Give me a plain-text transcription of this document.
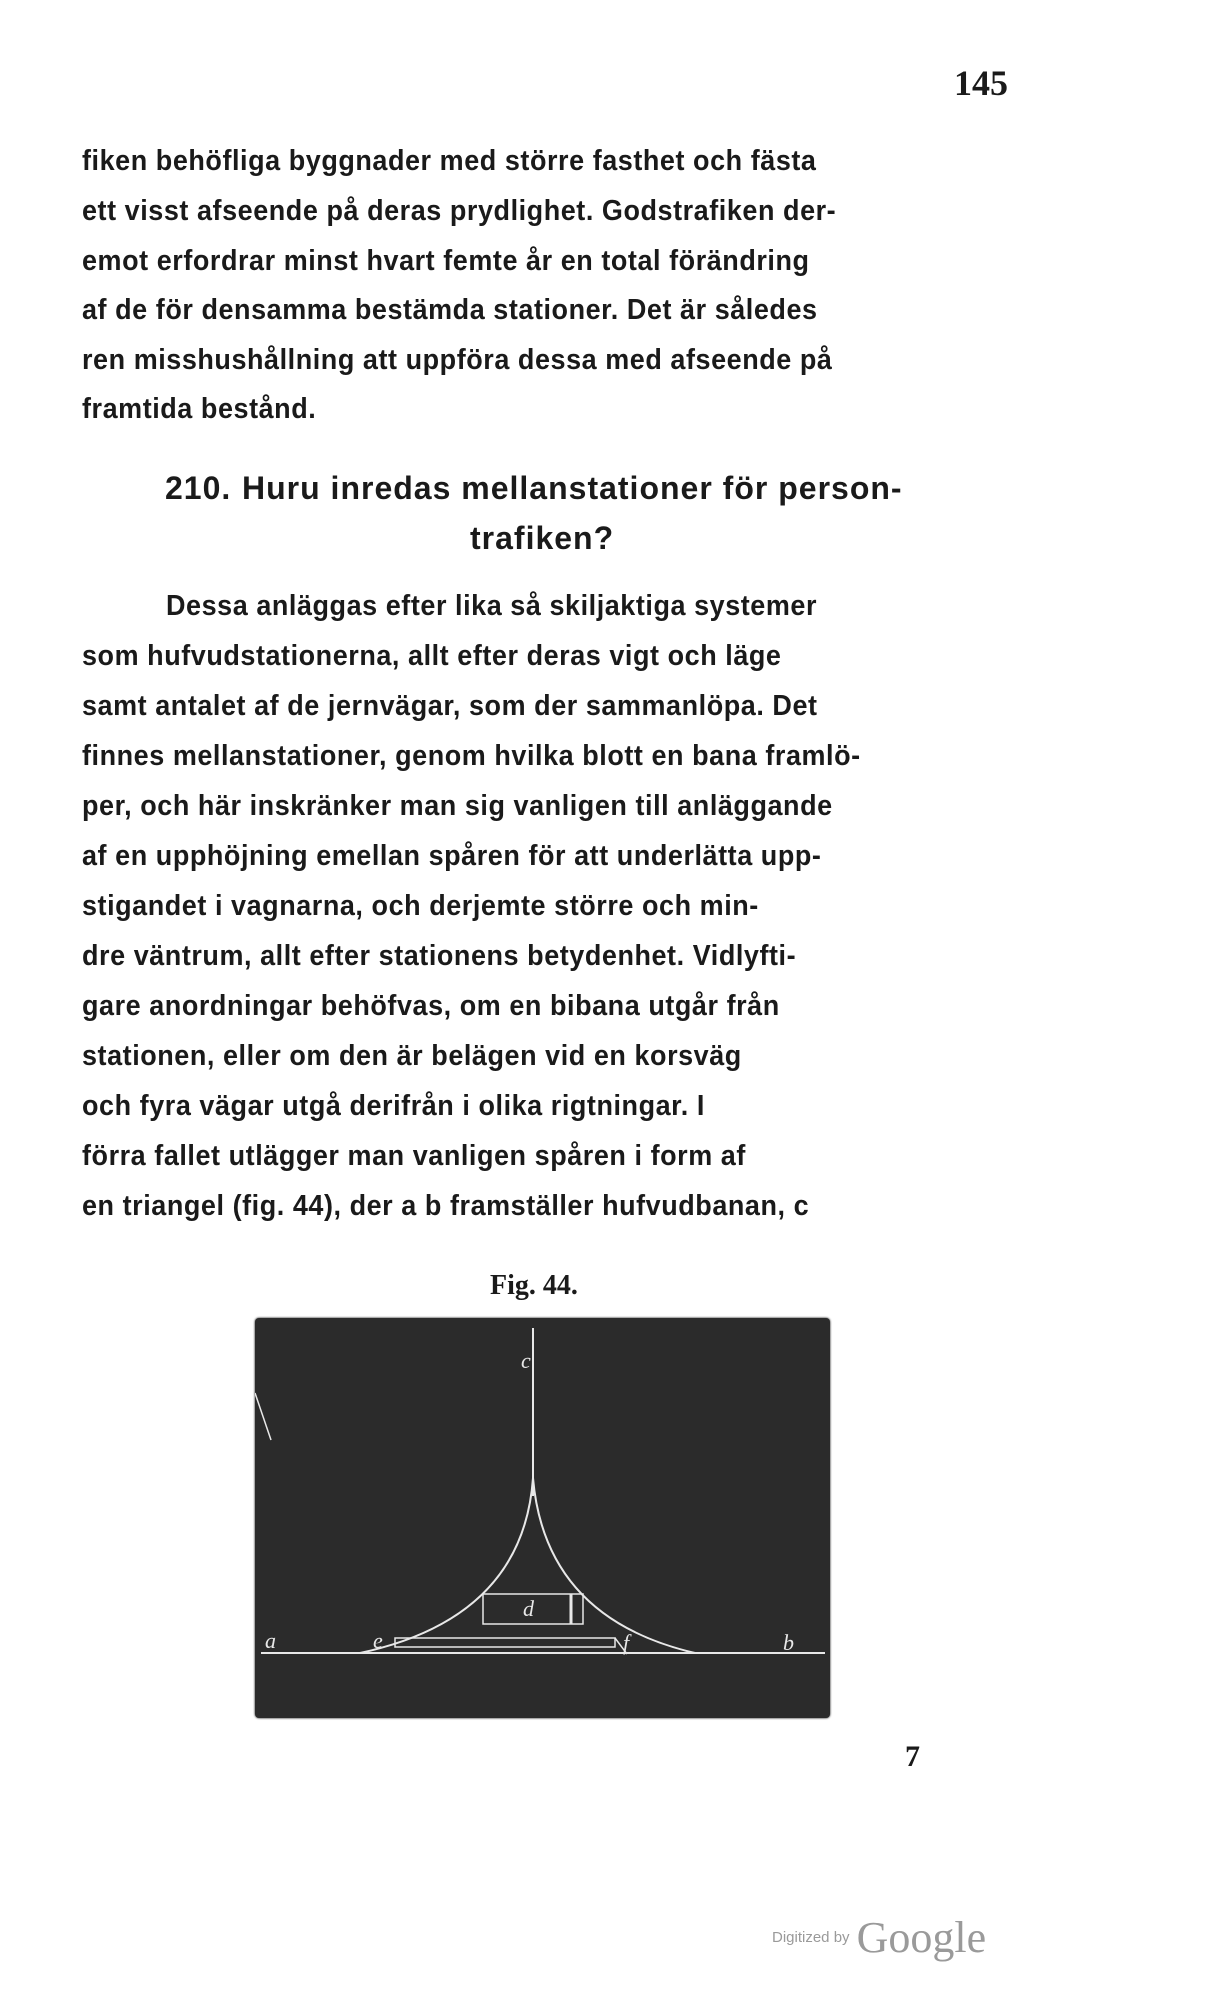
145
fiken behöfliga byggnader med större fasthet och fästa
ett visst afseende på deras prydlighet. Godstrafiken der-
emot erfordrar minst hvart femte år en total förändring
af de för densamma bestämda stationer. Det är således
ren misshushållning att uppföra dessa med afseende på
framtida bestånd.
210. Huru inredas mellanstationer för person-
trafiken?
Dessa anläggas efter lika så skiljaktiga systemer
som hufvudstationerna, allt efter deras vigt och läge
samt antalet af de jernvägar, som der sammanlöpa. Det
finnes mellanstationer, genom hvilka blott en bana framlö-
per, och här inskränker man sig vanligen till anläggande
af en upphöjning emellan spåren för att underlätta upp-
stigandet i vagnarna, och derjemte större och min-
dre väntrum, allt efter stationens betydenhet. Vidlyfti-
gare anordningar behöfvas, om en bibana utgår från
stationen, eller om den är belägen vid en korsväg
och fyra vägar utgå derifrån i olika rigtningar. I
förra fallet utlägger man vanligen spåren i form af
en triangel (fig. 44), der a b framställer hufvudbanan, c
Fig. 44.
c
a	b
e	f
d
7
Digitized by Google
